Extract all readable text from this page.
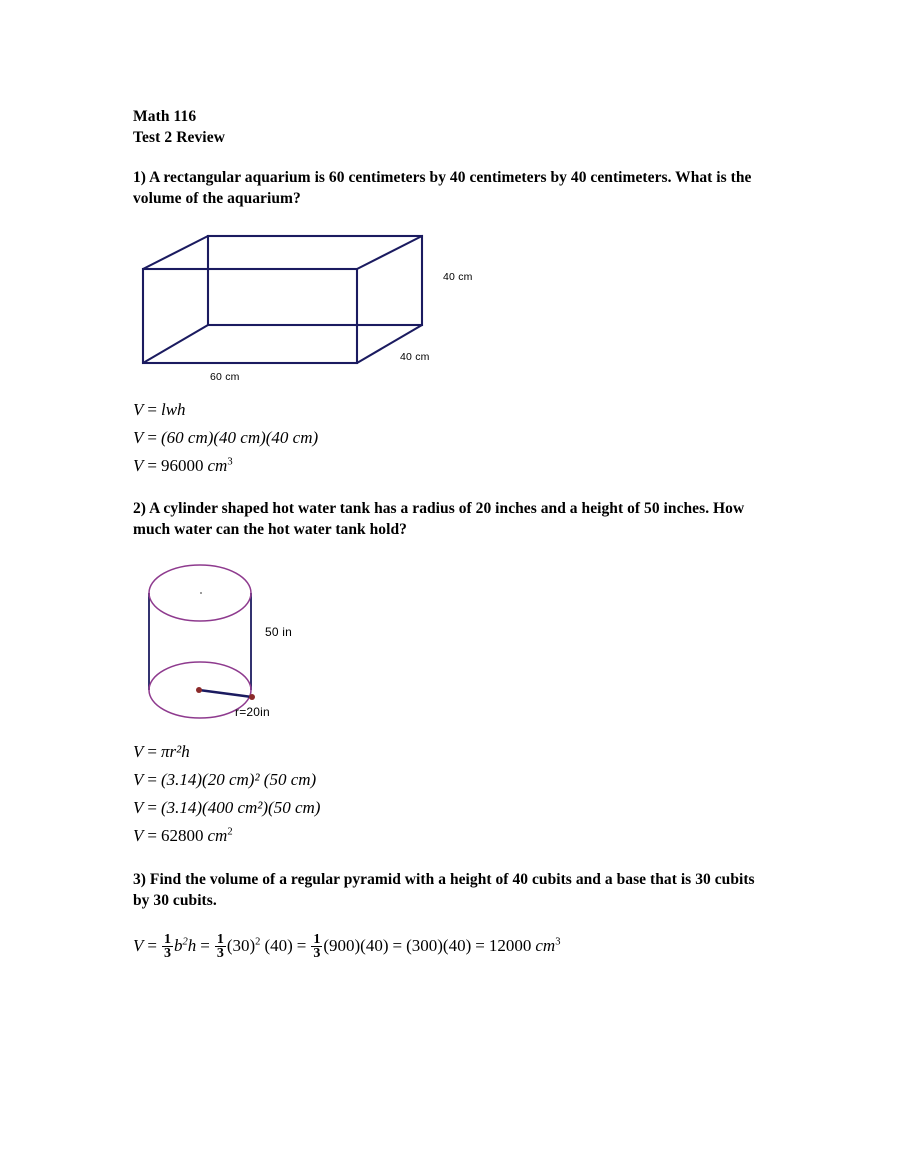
Math 116
Test 2 Review
1) A rectangular aquarium is 60 centimeters by 40 centimeters by 40 centimeters. What is the volume of the aquarium?
40 cm
40 cm
60 cm
V = lwh
V = (60 cm)(40 cm)(40 cm)
V = 96000 $cm^3$
2) A cylinder shaped hot water tank has a radius of 20 inches and a height of 50 inches. How much water can the hot water tank hold?
50 in
r=20in
V = πr²h
V = (3.14)(20 cm)² (50 cm)
V = (3.14)(400 cm²)(50 cm)
V = 62800 $cm^2$
3) Find the volume of a regular pyramid with a height of 40 cubits and a base that is 30 cubits by 30 cubits.
$V = \frac{1}{3} b^2h = \frac{1}{3} (30)^2$ $(40) = \frac{1}{3} (900)(40) = (300)(40) = 12000$ $cm^3$
